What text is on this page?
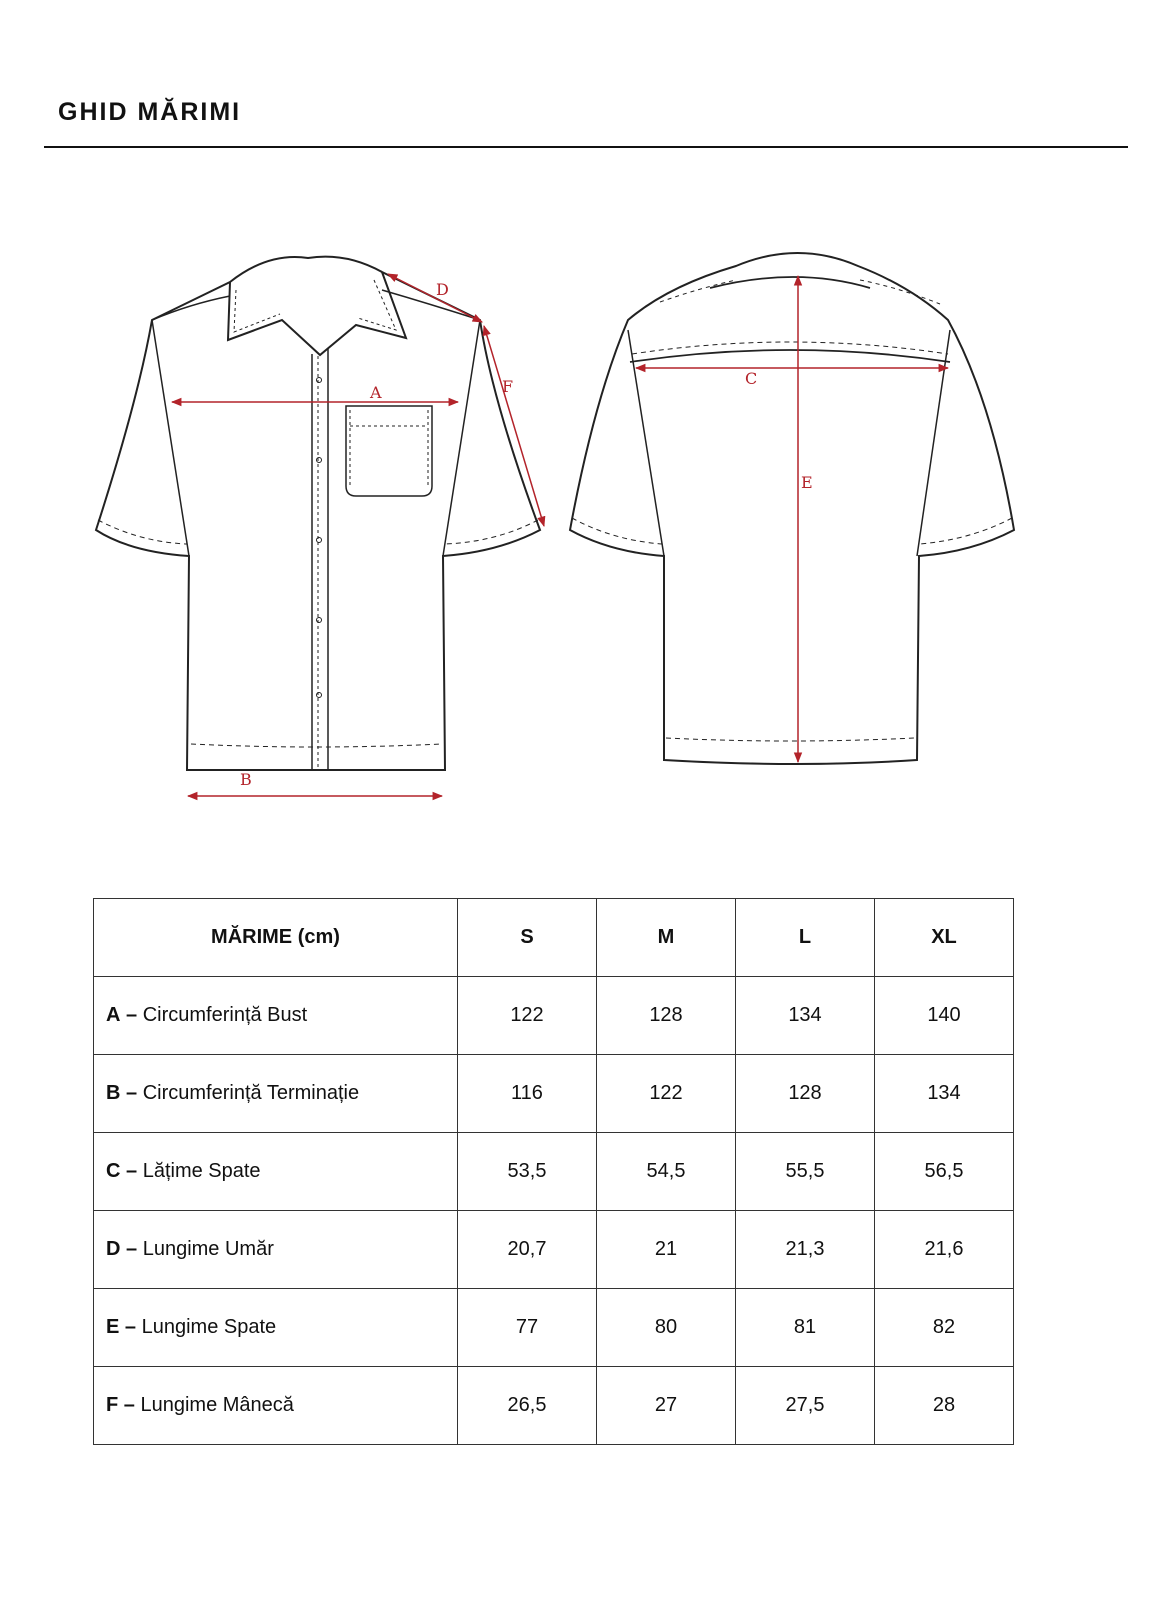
GHID MĂRIMI
A
B
D
F	C
E
MĂRIME (cm)	S	M	L	XL
A – Circumferință Bust	122	128	134	140
B – Circumferință Terminație	116	122	128	134
C – Lățime Spate	53,5	54,5	55,5	56,5
D – Lungime Umăr	20,7	21	21,3	21,6
E – Lungime Spate	77	80	81	82
F – Lungime Mânecă	26,5	27	27,5	28
